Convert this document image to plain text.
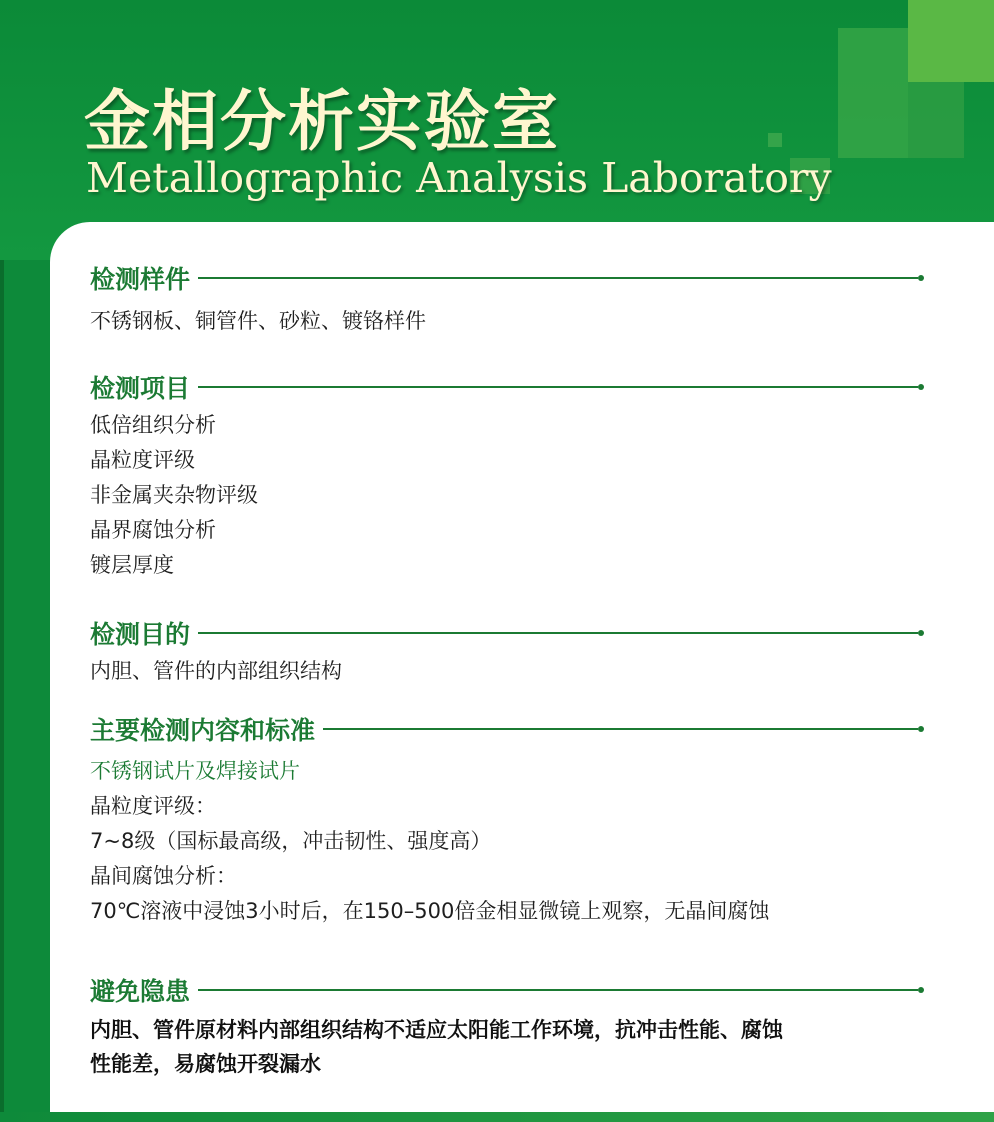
金相分析实验室
Metallographic Analysis Laboratory
检测样件
不锈钢板、铜管件、砂粒、镀铬样件
检测项目
低倍组织分析
晶粒度评级
非金属夹杂物评级
晶界腐蚀分析
镀层厚度
检测目的
内胆、管件的内部组织结构
主要检测内容和标准
不锈钢试片及焊接试片
晶粒度评级：
7~8级（国标最高级，冲击韧性、强度高）
晶间腐蚀分析：
70℃溶液中浸蚀3小时后，在150–500倍金相显微镜上观察，无晶间腐蚀
避免隐患
内胆、管件原材料内部组织结构不适应太阳能工作环境，抗冲击性能、腐蚀
性能差，易腐蚀开裂漏水
